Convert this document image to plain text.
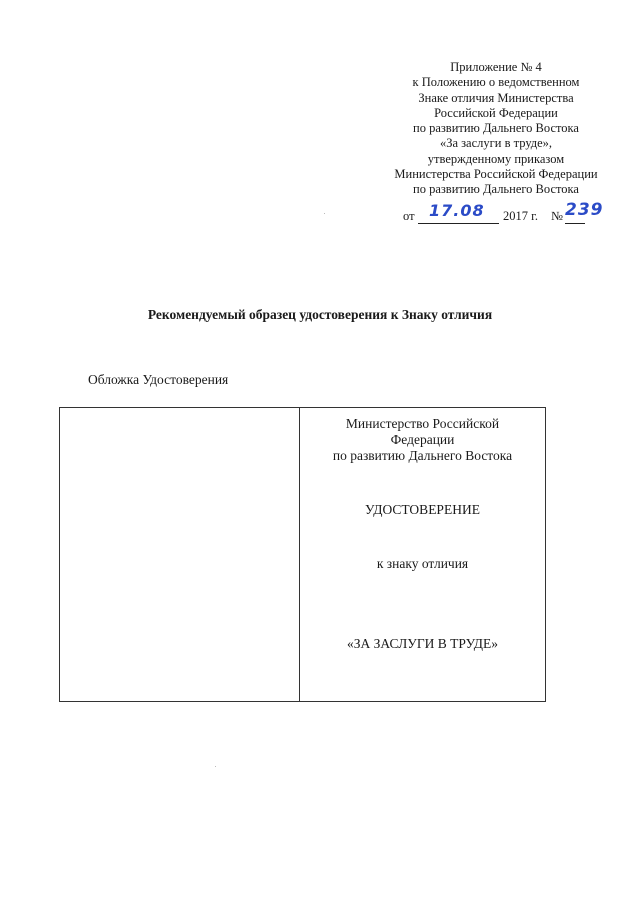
Приложение № 4
к Положению о ведомственном
Знаке отличия Министерства
Российской Федерации
по развитию Дальнего Востока
«За заслуги в труде»,
утвержденному приказом
Министерства Российской Федерации
по развитию Дальнего Востока
от 17.08 2017 г. № 239
Рекомендуемый образец удостоверения к Знаку отличия
Обложка Удостоверения
Министерство Российской
Федерации
по развитию Дальнего Востока
УДОСТОВЕРЕНИЕ
к знаку отличия
«ЗА ЗАСЛУГИ В ТРУДЕ»
